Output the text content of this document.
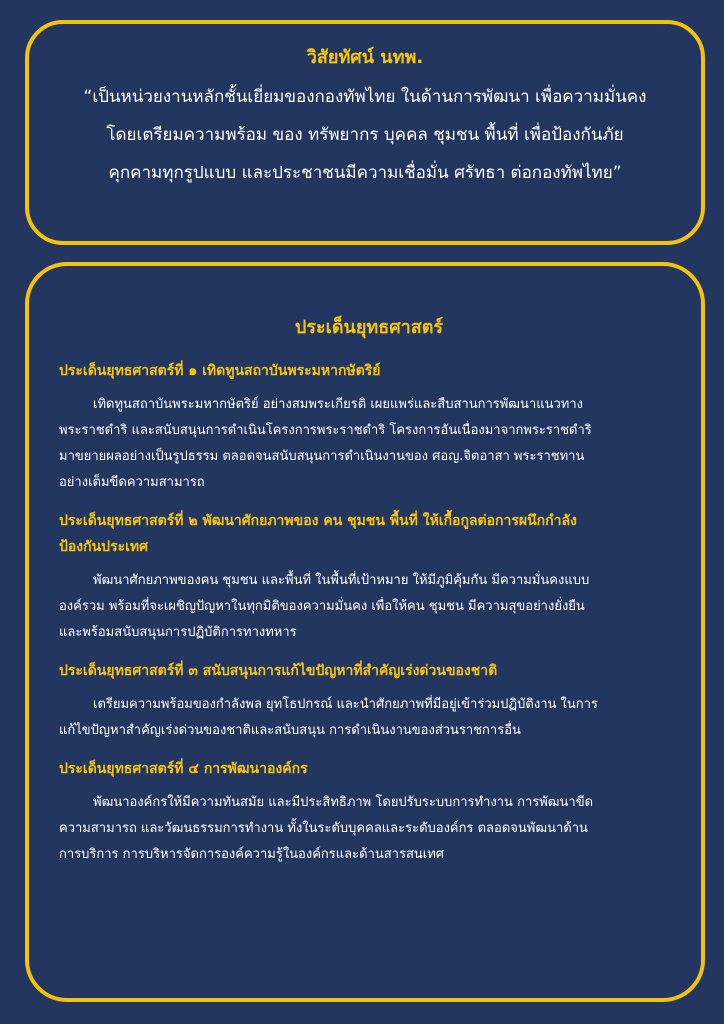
วิสัยทัศน์ นทพ.

“เป็นหน่วยงานหลักชั้นเยี่ยมของกองทัพไทย ในด้านการพัฒนา เพื่อความมั่นคง

โดยเตรียมความพร้อม ของ ทรัพยากร บุคคล ชุมชน พื้นที่ เพื่อป้องกันภัย

คุกคามทุกรูปแบบ และประชาชนมีความเชื่อมั่น ศรัทธา ต่อกองทัพไทย”

ประเด็นยุทธศาสตร์

ประเด็นยุทธศาสตร์ที่ ๑ เทิดทูนสถาบันพระมหากษัตริย์

เทิดทูนสถาบันพระมหากษัตริย์ อย่างสมพระเกียรติ เผยแพร่และสืบสานการพัฒนาแนวทาง
พระราชดำริ และสนับสนุนการดำเนินโครงการพระราชดำริ โครงการอันเนื่องมาจากพระราชดำริ
มาขยายผลอย่างเป็นรูปธรรม ตลอดจนสนับสนุนการดำเนินงานของ ศอญ.จิตอาสา พระราชทาน
อย่างเต็มขีดความสามารถ

ประเด็นยุทธศาสตร์ที่ ๒ พัฒนาศักยภาพของ คน ชุมชน พื้นที่ ให้เกื้อกูลต่อการผนึกกำลัง
ป้องกันประเทศ

พัฒนาศักยภาพของคน ชุมชน และพื้นที่ ในพื้นที่เป้าหมาย ให้มีภูมิคุ้มกัน มีความมั่นคงแบบ
องค์รวม พร้อมที่จะเผชิญปัญหาในทุกมิติของความมั่นคง เพื่อให้คน ชุมชน มีความสุขอย่างยั่งยืน
และพร้อมสนับสนุนการปฏิบัติการทางทหาร

ประเด็นยุทธศาสตร์ที่ ๓ สนับสนุนการแก้ไขปัญหาที่สำคัญเร่งด่วนของชาติ

เตรียมความพร้อมของกำลังพล ยุทโธปกรณ์ และนำศักยภาพที่มีอยู่เข้าร่วมปฏิบัติงาน ในการ
แก้ไขปัญหาสำคัญเร่งด่วนของชาติและสนับสนุน การดำเนินงานของส่วนราชการอื่น

ประเด็นยุทธศาสตร์ที่ ๔ การพัฒนาองค์กร

พัฒนาองค์กรให้มีความทันสมัย และมีประสิทธิภาพ โดยปรับระบบการทำงาน การพัฒนาขีด
ความสามารถ และวัฒนธรรมการทำงาน ทั้งในระดับบุคคลและระดับองค์กร ตลอดจนพัฒนาด้าน
การบริการ การบริหารจัดการองค์ความรู้ในองค์กรและด้านสารสนเทศ
